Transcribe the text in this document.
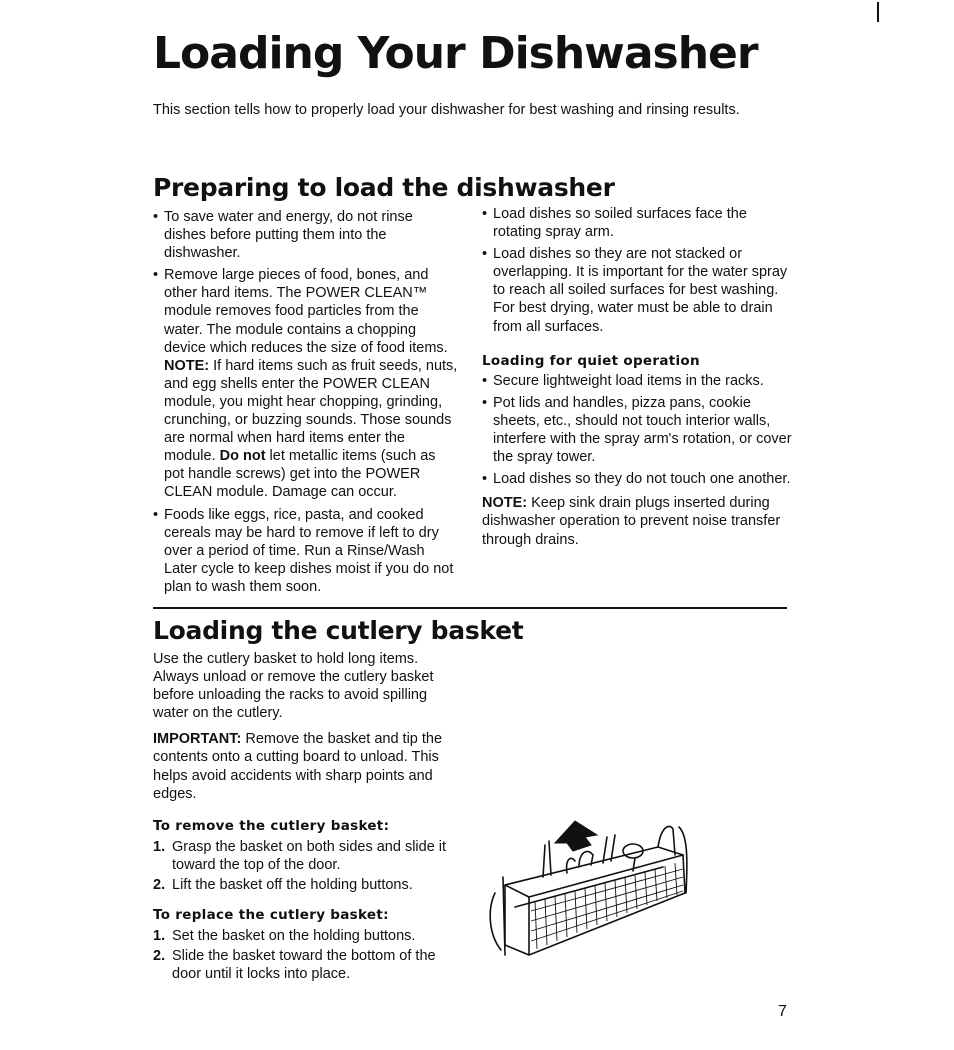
Loading Your Dishwasher

This section tells how to properly load your dishwasher for best washing and rinsing results.

Preparing to load the dishwasher
• To save water and energy, do not rinse dishes before putting them into the dishwasher.
• Remove large pieces of food, bones, and other hard items. The POWER CLEAN™ module removes food particles from the water. The module contains a chopping device which reduces the size of food items.

NOTE: If hard items such as fruit seeds, nuts, and egg shells enter the POWER CLEAN module, you might hear chopping, grinding, crunching, or buzzing sounds. Those sounds are normal when hard items enter the module. Do not let metallic items (such as pot handle screws) get into the POWER CLEAN module. Damage can occur.

• Foods like eggs, rice, pasta, and cooked cereals may be hard to remove if left to dry over a period of time. Run a Rinse/Wash Later cycle to keep dishes moist if you do not plan to wash them soon.
• Load dishes so soiled surfaces face the rotating spray arm.
• Load dishes so they are not stacked or overlapping. It is important for the water spray to reach all soiled surfaces for best washing. For best drying, water must be able to drain from all surfaces.
Loading for quiet operation
• Secure lightweight load items in the racks.
• Pot lids and handles, pizza pans, cookie sheets, etc., should not touch interior walls, interfere with the spray arm's rotation, or cover the spray tower.
• Load dishes so they do not touch one another.

NOTE: Keep sink drain plugs inserted during dishwasher operation to prevent noise transfer through drains.

Loading the cutlery basket

Use the cutlery basket to hold long items. Always unload or remove the cutlery basket before unloading the racks to avoid spilling water on the cutlery.

IMPORTANT: Remove the basket and tip the contents onto a cutting board to unload. This helps avoid accidents with sharp points and edges.

To remove the cutlery basket:
1. Grasp the basket on both sides and slide it toward the top of the door.
2. Lift the basket off the holding buttons.
To replace the cutlery basket:
1. Set the basket on the holding buttons.
2. Slide the basket toward the bottom of the door until it locks into place.
7
